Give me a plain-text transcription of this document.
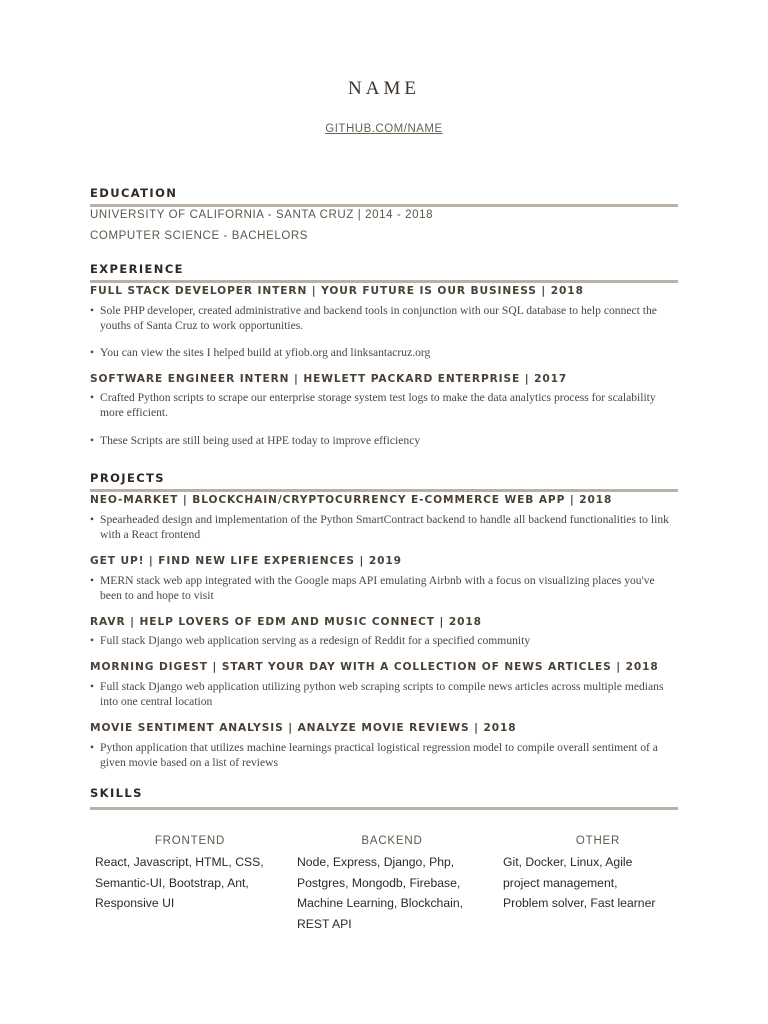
NAME
GITHUB.COM/NAME
EDUCATION
UNIVERSITY OF CALIFORNIA - SANTA CRUZ | 2014 - 2018
COMPUTER SCIENCE - BACHELORS
EXPERIENCE
FULL STACK DEVELOPER INTERN | YOUR FUTURE IS OUR BUSINESS | 2018
• Sole PHP developer, created administrative and backend tools in conjunction with our SQL database to help connect the youths of Santa Cruz to work opportunities.
• You can view the sites I helped build at yfiob.org and linksantacruz.org
SOFTWARE ENGINEER INTERN | HEWLETT PACKARD ENTERPRISE | 2017
• Crafted Python scripts to scrape our enterprise storage system test logs to make the data analytics process for scalability more efficient.
• These Scripts are still being used at HPE today to improve efficiency
PROJECTS
NEO-MARKET | BLOCKCHAIN/CRYPTOCURRENCY E-COMMERCE WEB APP | 2018
• Spearheaded design and implementation of the Python SmartContract backend to handle all backend functionalities to link with a React frontend
GET UP! | FIND NEW LIFE EXPERIENCES | 2019
• MERN stack web app integrated with the Google maps API emulating Airbnb with a focus on visualizing places you've been to and hope to visit
RAVR | HELP LOVERS OF EDM AND MUSIC CONNECT | 2018
• Full stack Django web application serving as a redesign of Reddit for a specified community
MORNING DIGEST | START YOUR DAY WITH A COLLECTION OF NEWS ARTICLES | 2018
• Full stack Django web application utilizing python web scraping scripts to compile news articles across multiple medians into one central location
MOVIE SENTIMENT ANALYSIS | ANALYZE MOVIE REVIEWS | 2018
• Python application that utilizes machine learnings practical logistical regression model to compile overall sentiment of a given movie based on a list of reviews
SKILLS
FRONTEND
React, Javascript, HTML, CSS,
Semantic-UI, Bootstrap, Ant,
Responsive UI
BACKEND
Node, Express, Django, Php,
Postgres, Mongodb, Firebase,
Machine Learning, Blockchain,
REST API
OTHER
Git, Docker, Linux, Agile
project management,
Problem solver, Fast learner
